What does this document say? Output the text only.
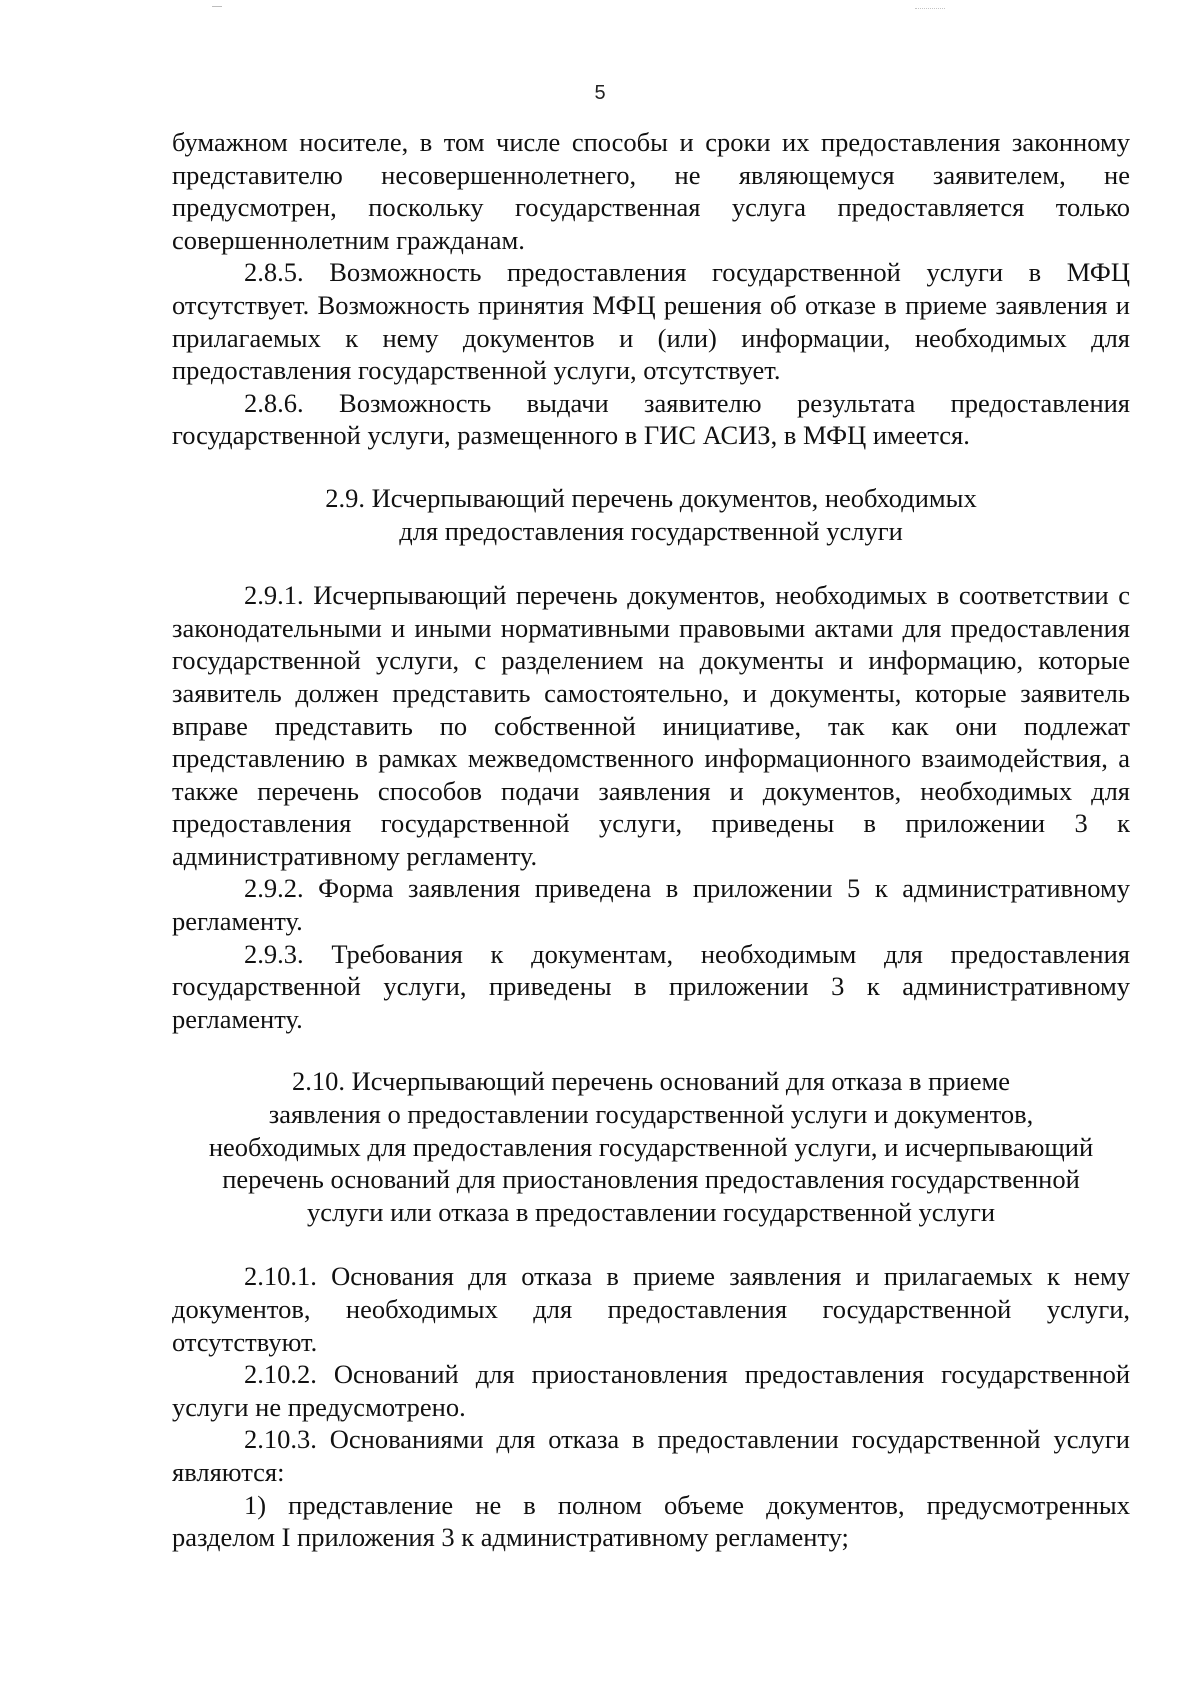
5

бумажном носителе, в том числе способы и сроки их предоставления законному представителю несовершеннолетнего, не являющемуся заявителем, не предусмотрен, поскольку государственная услуга предоставляется только совершеннолетним гражданам.

2.8.5. Возможность предоставления государственной услуги в МФЦ отсутствует. Возможность принятия МФЦ решения об отказе в приеме заявления и прилагаемых к нему документов и (или) информации, необходимых для предоставления государственной услуги, отсутствует.

2.8.6. Возможность выдачи заявителю результата предоставления государственной услуги, размещенного в ГИС АСИЗ, в МФЦ имеется.

2.9. Исчерпывающий перечень документов, необходимых
для предоставления государственной услуги

2.9.1. Исчерпывающий перечень документов, необходимых в соответствии с законодательными и иными нормативными правовыми актами для предоставления государственной услуги, с разделением на документы и информацию, которые заявитель должен представить самостоятельно, и документы, которые заявитель вправе представить по собственной инициативе, так как они подлежат представлению в рамках межведомственного информационного взаимодействия, а также перечень способов подачи заявления и документов, необходимых для предоставления государственной услуги, приведены в приложении 3 к административному регламенту.

2.9.2. Форма заявления приведена в приложении 5 к административному регламенту.

2.9.3. Требования к документам, необходимым для предоставления государственной услуги, приведены в приложении 3 к административному регламенту.

2.10. Исчерпывающий перечень оснований для отказа в приеме
заявления о предоставлении государственной услуги и документов,
необходимых для предоставления государственной услуги, и исчерпывающий
перечень оснований для приостановления предоставления государственной
услуги или отказа в предоставлении государственной услуги

2.10.1. Основания для отказа в приеме заявления и прилагаемых к нему документов, необходимых для предоставления государственной услуги, отсутствуют.

2.10.2. Оснований для приостановления предоставления государственной услуги не предусмотрено.

2.10.3. Основаниями для отказа в предоставлении государственной услуги являются:

1) представление не в полном объеме документов, предусмотренных разделом I приложения 3 к административному регламенту;
